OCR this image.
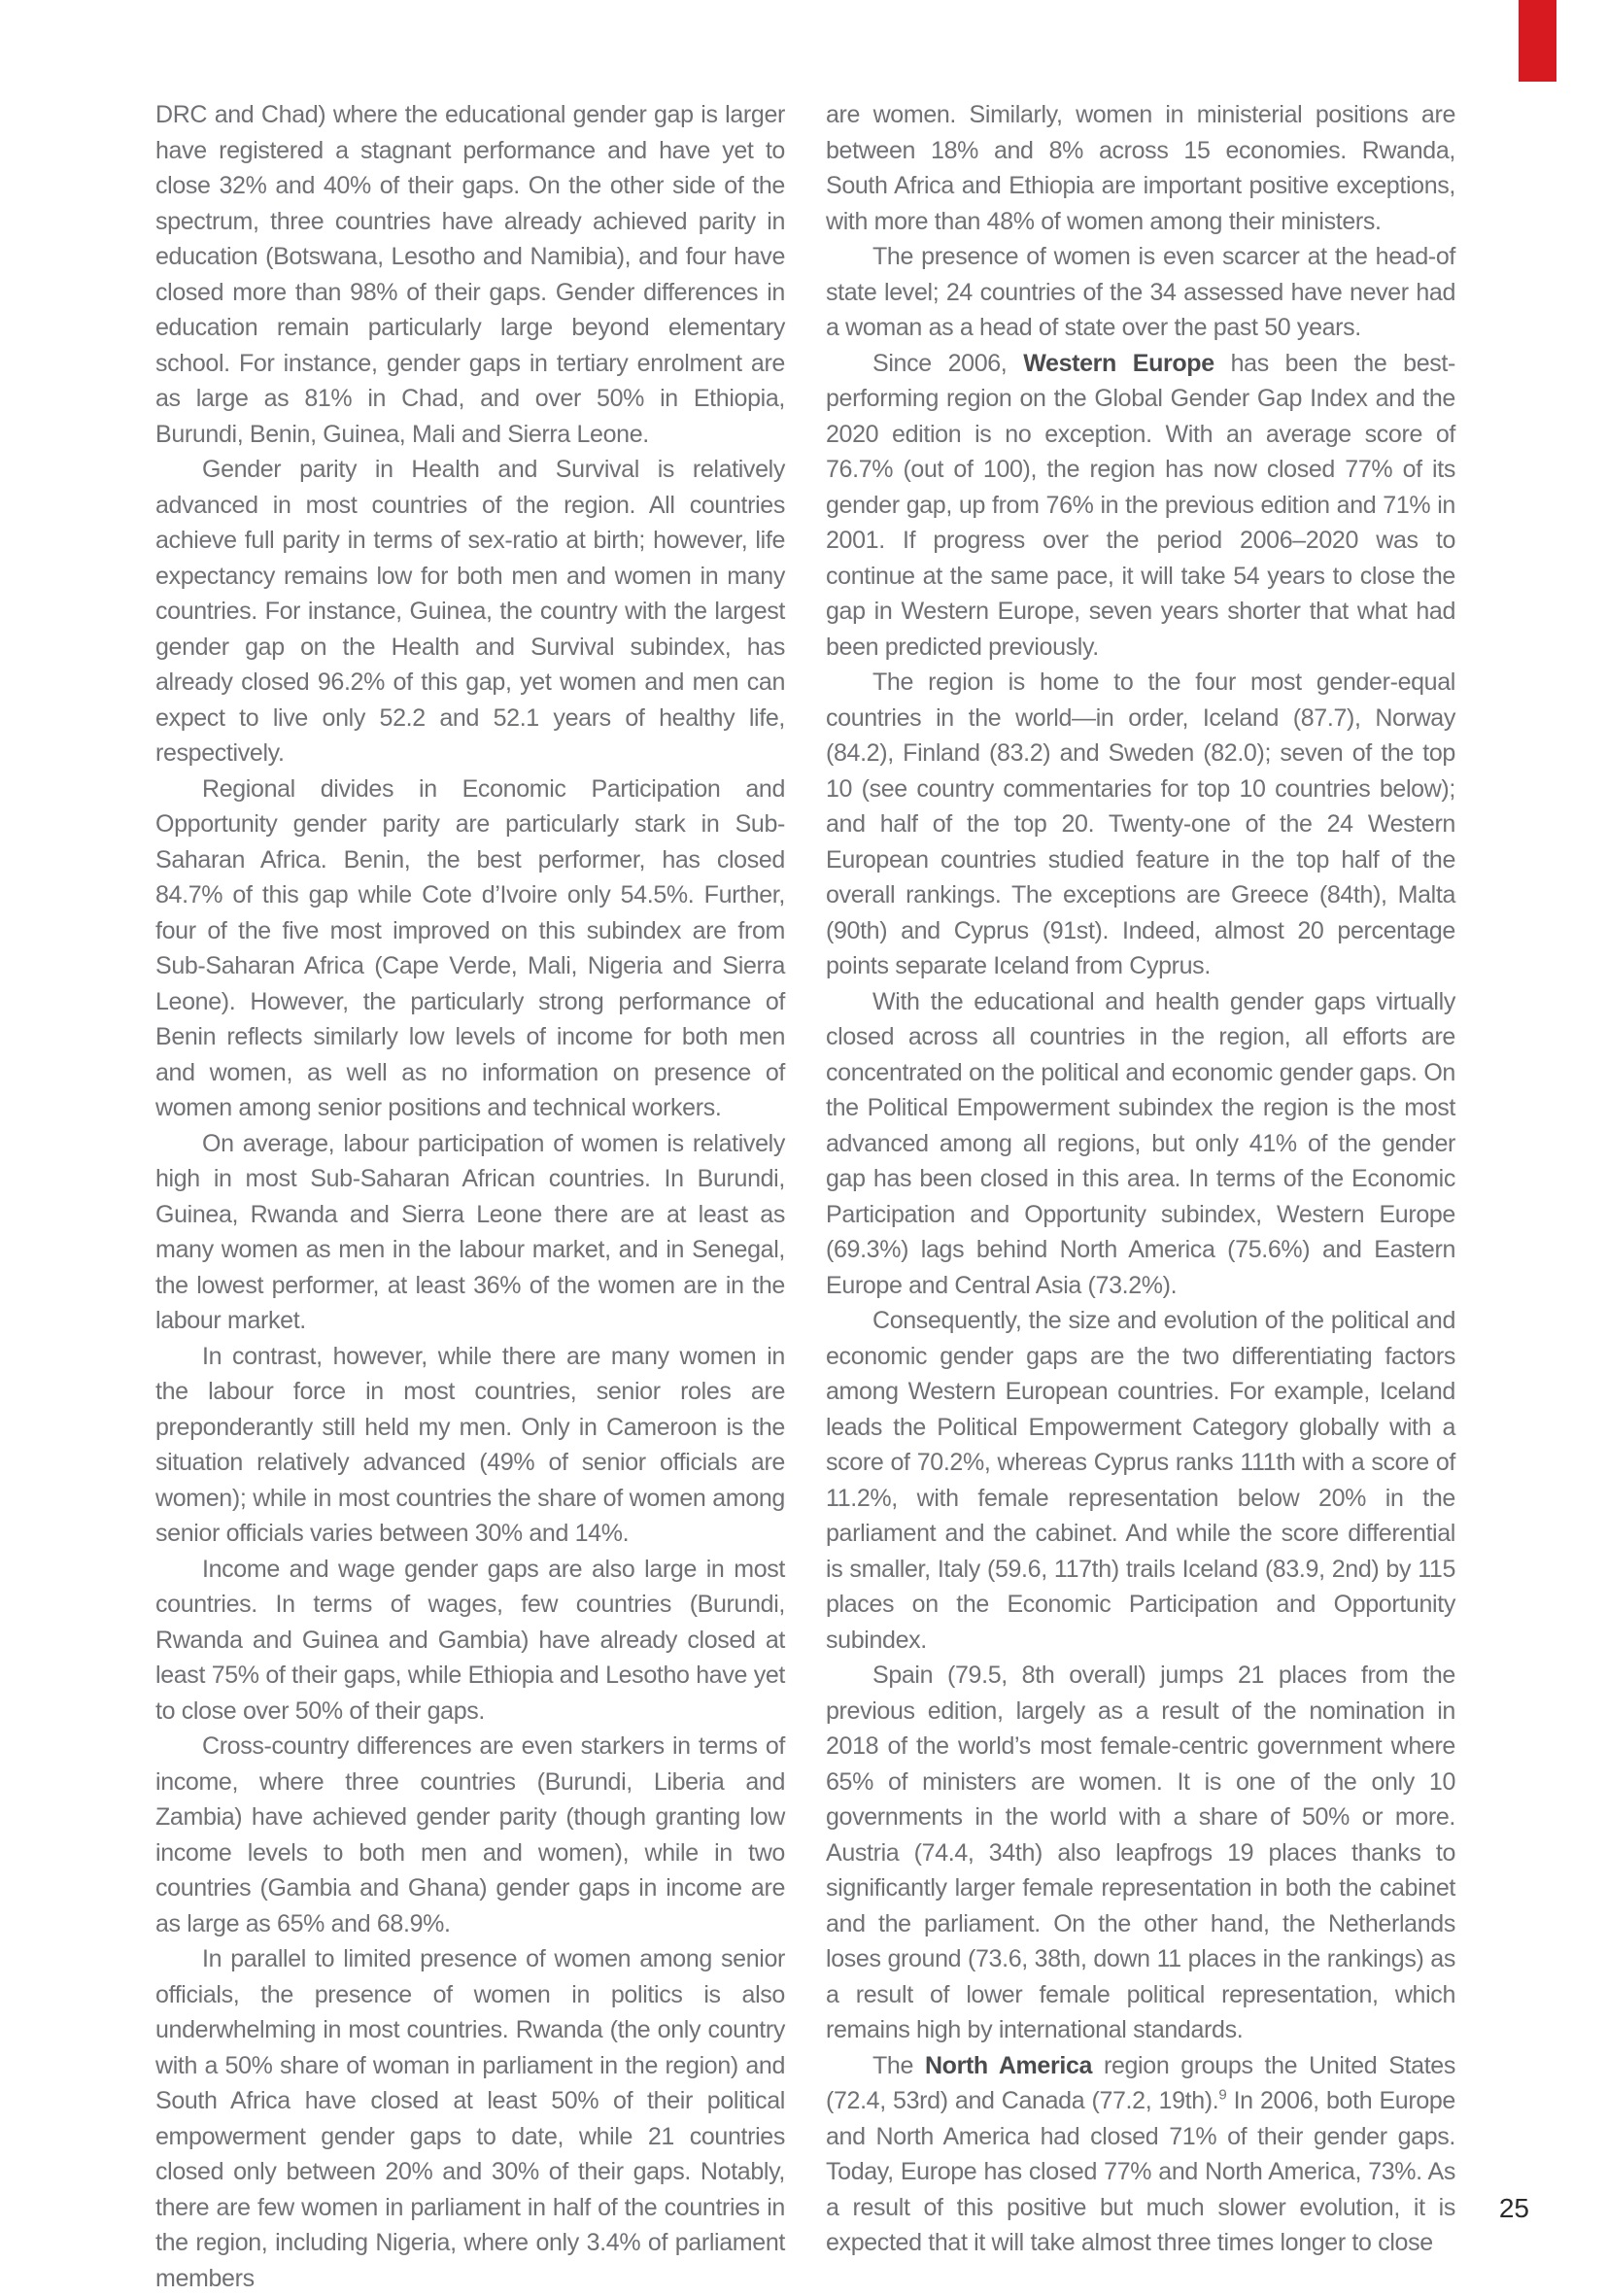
DRC and Chad) where the educational gender gap is larger have registered a stagnant performance and have yet to close 32% and 40% of their gaps. On the other side of the spectrum, three countries have already achieved parity in education (Botswana, Lesotho and Namibia), and four have closed more than 98% of their gaps. Gender differences in education remain particularly large beyond elementary school. For instance, gender gaps in tertiary enrolment are as large as 81% in Chad, and over 50% in Ethiopia, Burundi, Benin, Guinea, Mali and Sierra Leone.

Gender parity in Health and Survival is relatively advanced in most countries of the region. All countries achieve full parity in terms of sex-ratio at birth; however, life expectancy remains low for both men and women in many countries. For instance, Guinea, the country with the largest gender gap on the Health and Survival subindex, has already closed 96.2% of this gap, yet women and men can expect to live only 52.2 and 52.1 years of healthy life, respectively.

Regional divides in Economic Participation and Opportunity gender parity are particularly stark in Sub-Saharan Africa. Benin, the best performer, has closed 84.7% of this gap while Cote d’Ivoire only 54.5%. Further, four of the five most improved on this subindex are from Sub-Saharan Africa (Cape Verde, Mali, Nigeria and Sierra Leone). However, the particularly strong performance of Benin reflects similarly low levels of income for both men and women, as well as no information on presence of women among senior positions and technical workers.

On average, labour participation of women is relatively high in most Sub-Saharan African countries. In Burundi, Guinea, Rwanda and Sierra Leone there are at least as many women as men in the labour market, and in Senegal, the lowest performer, at least 36% of the women are in the labour market.

In contrast, however, while there are many women in the labour force in most countries, senior roles are preponderantly still held my men. Only in Cameroon is the situation relatively advanced (49% of senior officials are women); while in most countries the share of women among senior officials varies between 30% and 14%.

Income and wage gender gaps are also large in most countries. In terms of wages, few countries (Burundi, Rwanda and Guinea and Gambia) have already closed at least 75% of their gaps, while Ethiopia and Lesotho have yet to close over 50% of their gaps.

Cross-country differences are even starkers in terms of income, where three countries (Burundi, Liberia and Zambia) have achieved gender parity (though granting low income levels to both men and women), while in two countries (Gambia and Ghana) gender gaps in income are as large as 65% and 68.9%.

In parallel to limited presence of women among senior officials, the presence of women in politics is also underwhelming in most countries. Rwanda (the only country with a 50% share of woman in parliament in the region) and South Africa have closed at least 50% of their political empowerment gender gaps to date, while 21 countries closed only between 20% and 30% of their gaps. Notably, there are few women in parliament in half of the countries in the region, including Nigeria, where only 3.4% of parliament members

are women. Similarly, women in ministerial positions are between 18% and 8% across 15 economies. Rwanda, South Africa and Ethiopia are important positive exceptions, with more than 48% of women among their ministers.

The presence of women is even scarcer at the head-of state level; 24 countries of the 34 assessed have never had a woman as a head of state over the past 50 years.

Since 2006, Western Europe has been the best-performing region on the Global Gender Gap Index and the 2020 edition is no exception. With an average score of 76.7% (out of 100), the region has now closed 77% of its gender gap, up from 76% in the previous edition and 71% in 2001. If progress over the period 2006–2020 was to continue at the same pace, it will take 54 years to close the gap in Western Europe, seven years shorter that what had been predicted previously.

The region is home to the four most gender-equal countries in the world—in order, Iceland (87.7), Norway (84.2), Finland (83.2) and Sweden (82.0); seven of the top 10 (see country commentaries for top 10 countries below); and half of the top 20. Twenty-one of the 24 Western European countries studied feature in the top half of the overall rankings. The exceptions are Greece (84th), Malta (90th) and Cyprus (91st). Indeed, almost 20 percentage points separate Iceland from Cyprus.

With the educational and health gender gaps virtually closed across all countries in the region, all efforts are concentrated on the political and economic gender gaps. On the Political Empowerment subindex the region is the most advanced among all regions, but only 41% of the gender gap has been closed in this area. In terms of the Economic Participation and Opportunity subindex, Western Europe (69.3%) lags behind North America (75.6%) and Eastern Europe and Central Asia (73.2%).

Consequently, the size and evolution of the political and economic gender gaps are the two differentiating factors among Western European countries. For example, Iceland leads the Political Empowerment Category globally with a score of 70.2%, whereas Cyprus ranks 111th with a score of 11.2%, with female representation below 20% in the parliament and the cabinet. And while the score differential is smaller, Italy (59.6, 117th) trails Iceland (83.9, 2nd) by 115 places on the Economic Participation and Opportunity subindex.

Spain (79.5, 8th overall) jumps 21 places from the previous edition, largely as a result of the nomination in 2018 of the world’s most female-centric government where 65% of ministers are women. It is one of the only 10 governments in the world with a share of 50% or more. Austria (74.4, 34th) also leapfrogs 19 places thanks to significantly larger female representation in both the cabinet and the parliament. On the other hand, the Netherlands loses ground (73.6, 38th, down 11 places in the rankings) as a result of lower female political representation, which remains high by international standards.

The North America region groups the United States (72.4, 53rd) and Canada (77.2, 19th).$^9$ In 2006, both Europe and North America had closed 71% of their gender gaps. Today, Europe has closed 77% and North America, 73%. As a result of this positive but much slower evolution, it is expected that it will take almost three times longer to close

25
